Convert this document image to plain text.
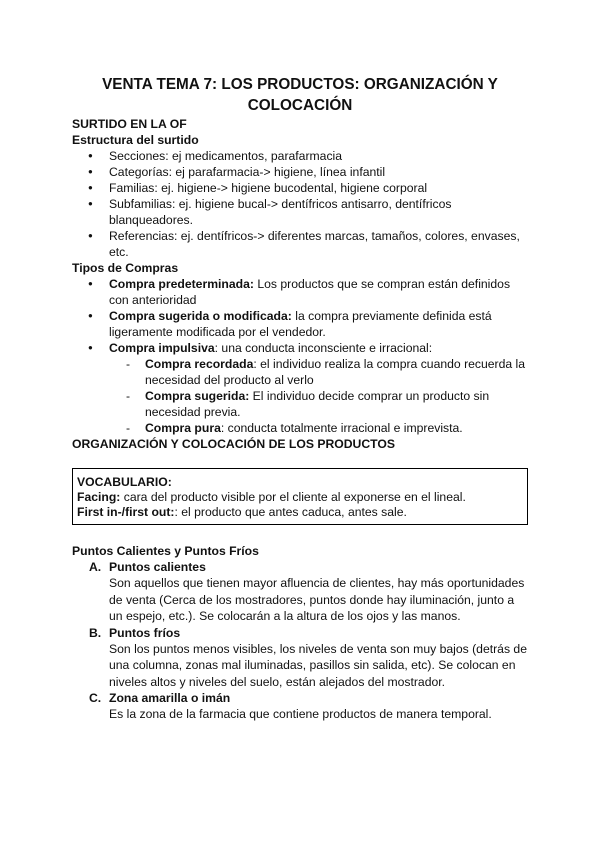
VENTA TEMA 7: LOS PRODUCTOS: ORGANIZACIÓN Y COLOCACIÓN
SURTIDO EN LA OF
Estructura del surtido
● Secciones: ej medicamentos, parafarmacia
● Categorías: ej parafarmacia-> higiene, línea infantil
● Familias: ej. higiene-> higiene bucodental, higiene corporal
● Subfamilias: ej. higiene bucal-> dentífricos antisarro, dentífricos blanqueadores.
● Referencias: ej. dentífricos-> diferentes marcas, tamaños, colores, envases, etc.
Tipos de Compras
● Compra predeterminada: Los productos que se compran están definidos con anterioridad
● Compra sugerida o modificada: la compra previamente definida está ligeramente modificada por el vendedor.
● Compra impulsiva: una conducta inconsciente e irracional:
- Compra recordada: el individuo realiza la compra cuando recuerda la necesidad del producto al verlo
- Compra sugerida: El individuo decide comprar un producto sin necesidad previa.
- Compra pura: conducta totalmente irracional e imprevista.
ORGANIZACIÓN Y COLOCACIÓN DE LOS PRODUCTOS
VOCABULARIO:
Facing: cara del producto visible por el cliente al exponerse en el lineal.
First in-/first out:: el producto que antes caduca, antes sale.
Puntos Calientes y Puntos Fríos
A. Puntos calientes
Son aquellos que tienen mayor afluencia de clientes, hay más oportunidades de venta (Cerca de los mostradores, puntos donde hay iluminación, junto a un espejo, etc.). Se colocarán a la altura de los ojos y las manos.
B. Puntos fríos
Son los puntos menos visibles, los niveles de venta son muy bajos (detrás de una columna, zonas mal iluminadas, pasillos sin salida, etc). Se colocan en niveles altos y niveles del suelo, están alejados del mostrador.
C. Zona amarilla o imán
Es la zona de la farmacia que contiene productos de manera temporal.
